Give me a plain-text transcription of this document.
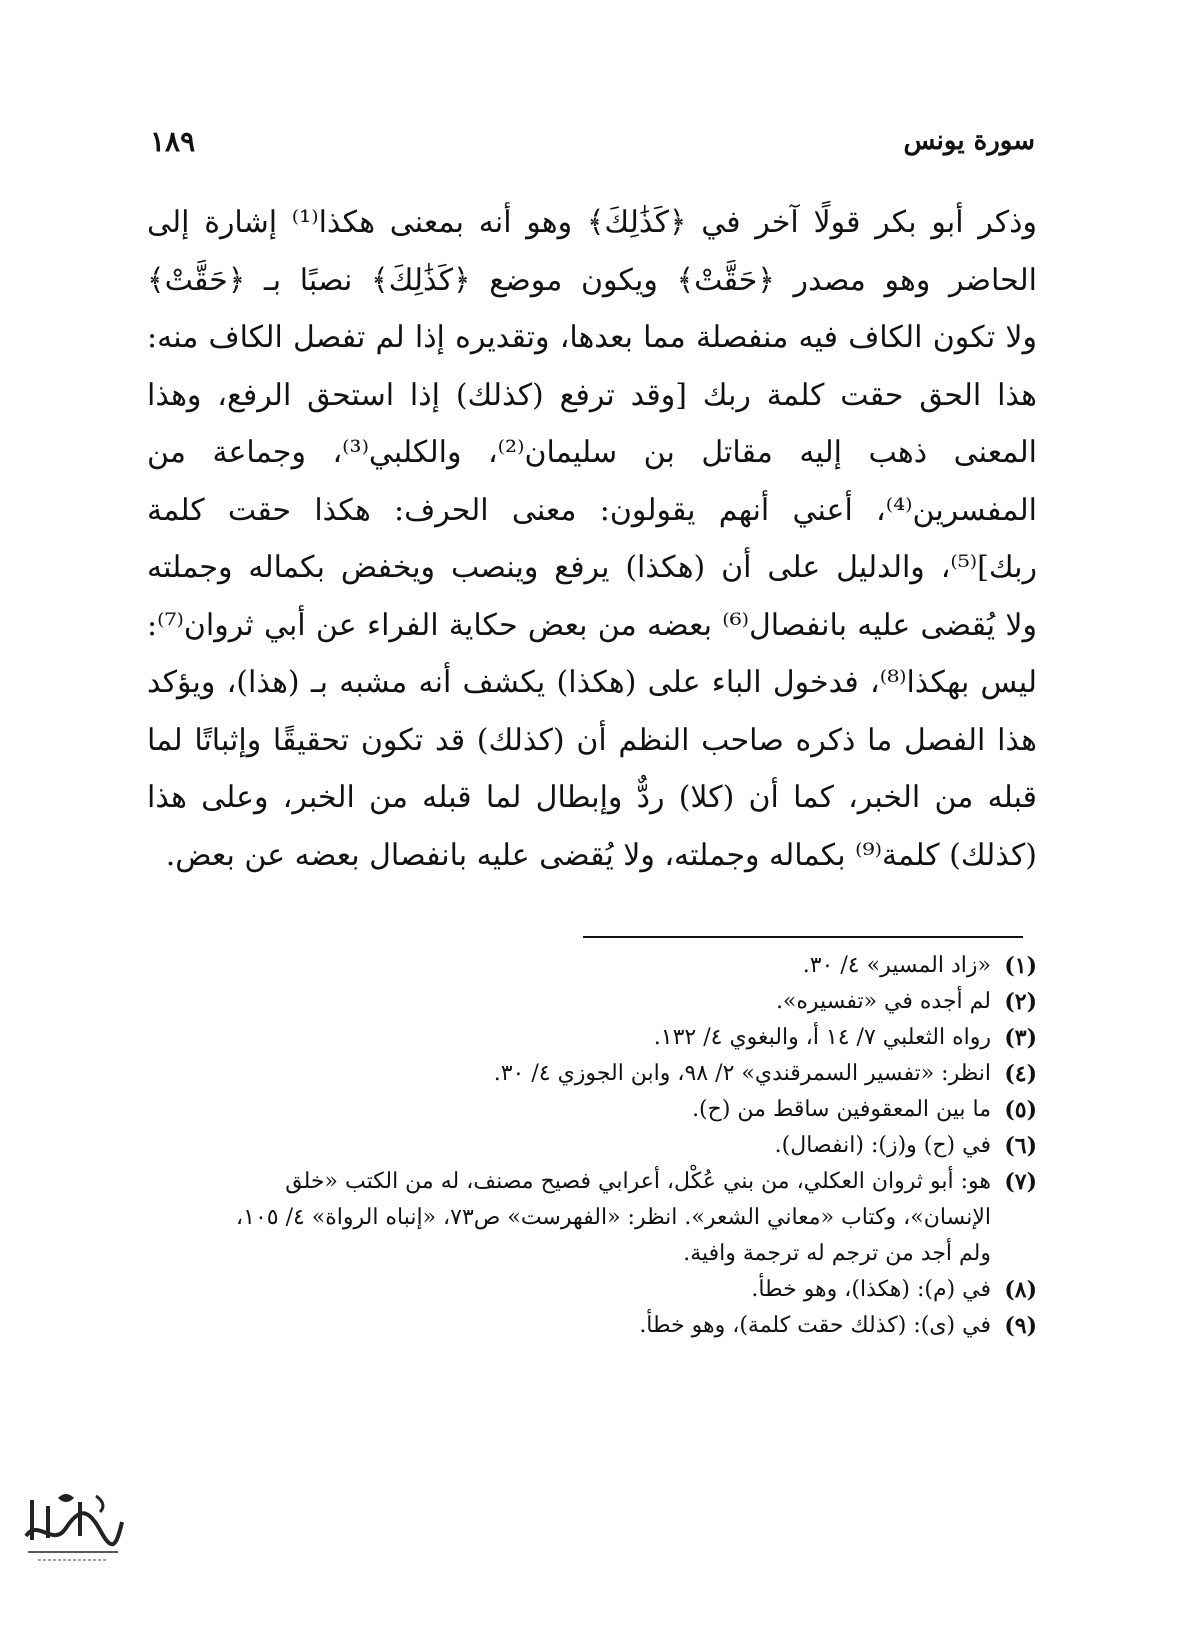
سورة يونس
١٨٩
وذكر أبو بكر قولًا آخر في ﴿كَذَٰلِكَ﴾ وهو أنه بمعنى هكذا⁽¹⁾ إشارة إلى
الحاضر وهو مصدر ﴿حَقَّتْ﴾ ويكون موضع ﴿كَذَٰلِكَ﴾ نصبًا بـ ﴿حَقَّتْ﴾
ولا تكون الكاف فيه منفصلة مما بعدها، وتقديره إذا لم تفصل الكاف منه:
هذا الحق حقت كلمة ربك [وقد ترفع (كذلك) إذا استحق الرفع، وهذا
المعنى ذهب إليه مقاتل بن سليمان⁽²⁾، والكلبي⁽³⁾، وجماعة من
المفسرين⁽⁴⁾، أعني أنهم يقولون: معنى الحرف: هكذا حقت كلمة
ربك]⁽⁵⁾، والدليل على أن (هكذا) يرفع وينصب ويخفض بكماله وجملته
ولا يُقضى عليه بانفصال⁽⁶⁾ بعضه من بعض حكاية الفراء عن أبي ثروان⁽⁷⁾:
ليس بهكذا⁽⁸⁾، فدخول الباء على (هكذا) يكشف أنه مشبه بـ (هذا)، ويؤكد
هذا الفصل ما ذكره صاحب النظم أن (كذلك) قد تكون تحقيقًا وإثباتًا لما
قبله من الخبر، كما أن (كلا) ردٌّ وإبطال لما قبله من الخبر، وعلى هذا
(كذلك) كلمة⁽⁹⁾ بكماله وجملته، ولا يُقضى عليه بانفصال بعضه عن بعض.
(١)
«زاد المسير» ٤/ ٣٠.
(٢)
لم أجده في «تفسيره».
(٣)
رواه الثعلبي ٧/ ١٤ أ، والبغوي ٤/ ١٣٢.
(٤)
انظر: «تفسير السمرقندي» ٢/ ٩٨، وابن الجوزي ٤/ ٣٠.
(٥)
ما بين المعقوفين ساقط من (ح).
(٦)
في (ح) و(ز): (انفصال).
(٧)
هو: أبو ثروان العكلي، من بني عُكْل، أعرابي فصيح مصنف، له من الكتب «خلق
الإنسان»، وكتاب «معاني الشعر». انظر: «الفهرست» ص٧٣، «إنباه الرواة» ٤/ ١٠٥،
ولم أجد من ترجم له ترجمة وافية.
(٨)
في (م): (هكذا)، وهو خطأ.
(٩)
في (ى): (كذلك حقت كلمة)، وهو خطأ.
